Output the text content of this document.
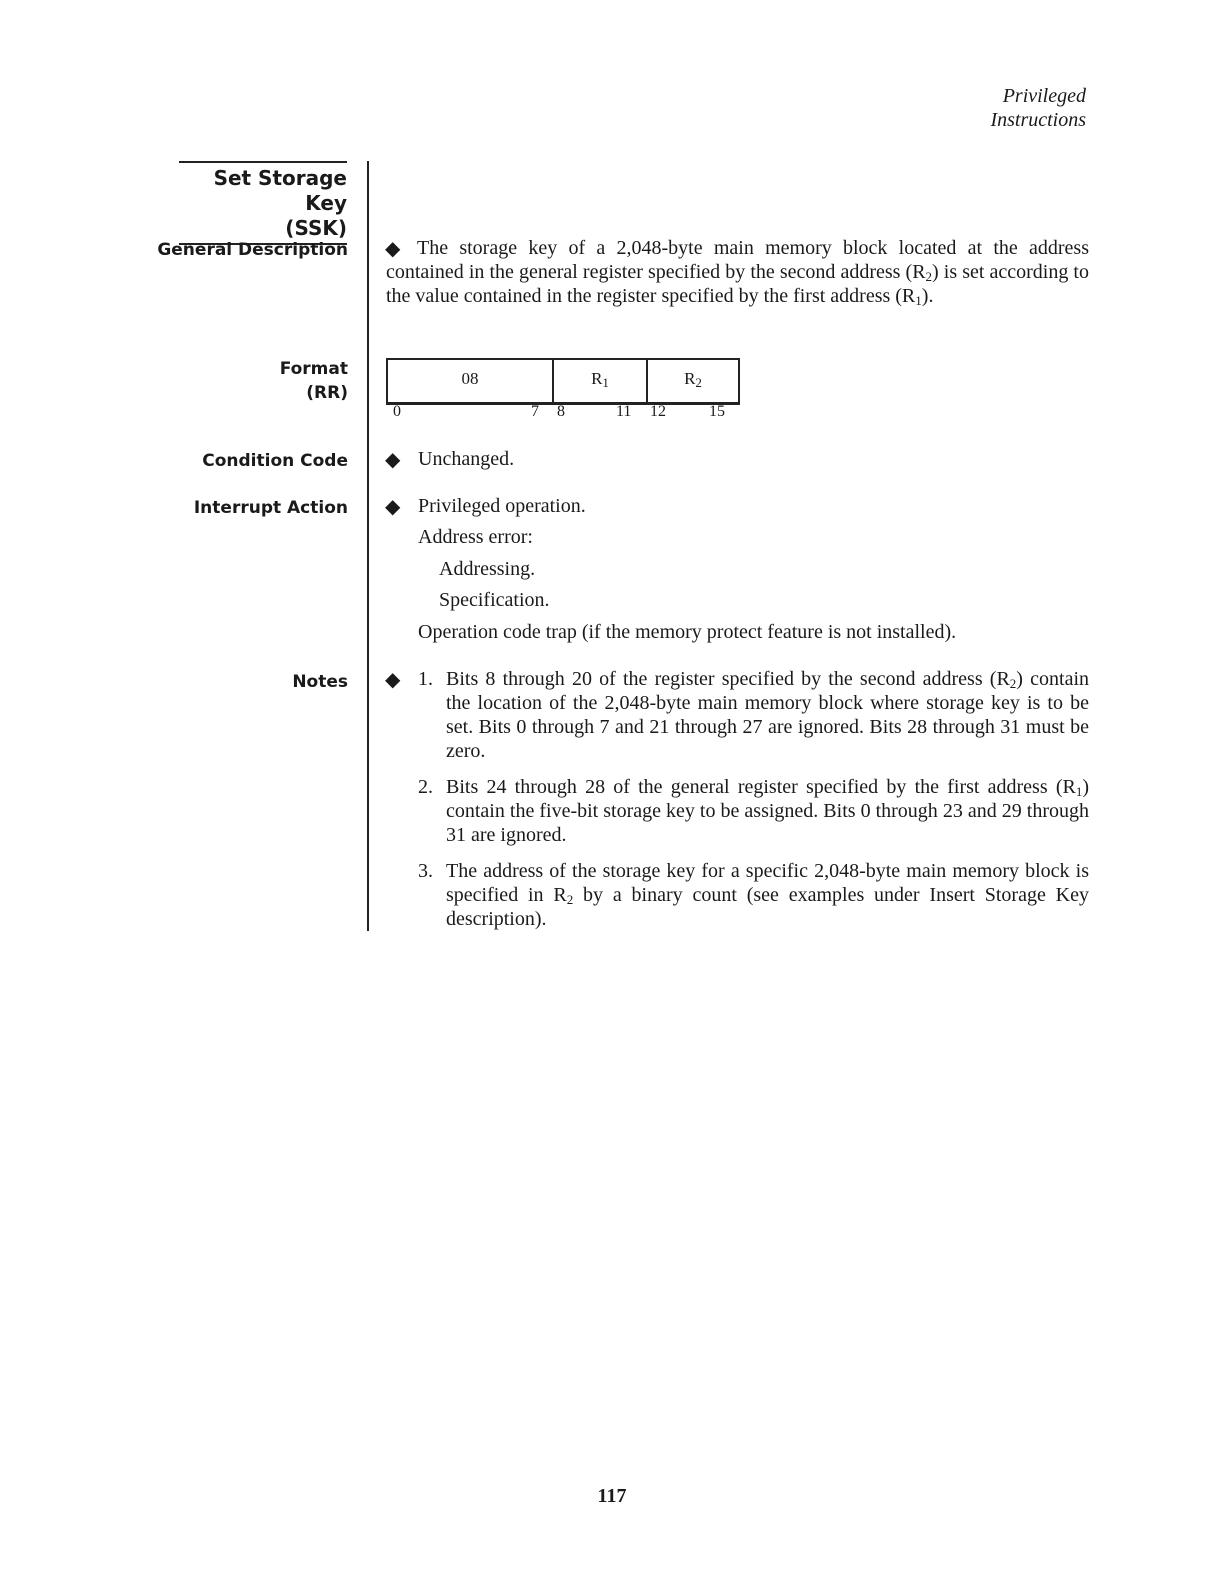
Privileged
Instructions
Set Storage Key
(SSK)
General Description
Format
(RR)
Condition Code
Interrupt Action
Notes
◆ The storage key of a 2,048-byte main memory block located at the address contained in the general register specified by the second address $(R_2)$ is set according to the value contained in the register specified by the first address $(R_1)$.
08	$R_1$	$R_2$
0	7 8	11 12	15
◆ Unchanged.
◆ Privileged operation.
Address error:
Addressing.
Specification.
Operation code trap (if the memory protect feature is not installed).
◆ 1. Bits 8 through 20 of the register specified by the second address $(R_2)$ contain the location of the 2,048-byte main memory block where storage key is to be set. Bits 0 through 7 and 21 through 27 are ignored. Bits 28 through 31 must be zero.
2. Bits 24 through 28 of the general register specified by the first address $(R_1)$ contain the five-bit storage key to be assigned. Bits 0 through 23 and 29 through 31 are ignored.
3. The address of the storage key for a specific 2,048-byte main memory block is specified in $R_2$ by a binary count (see examples under Insert Storage Key description).
117
